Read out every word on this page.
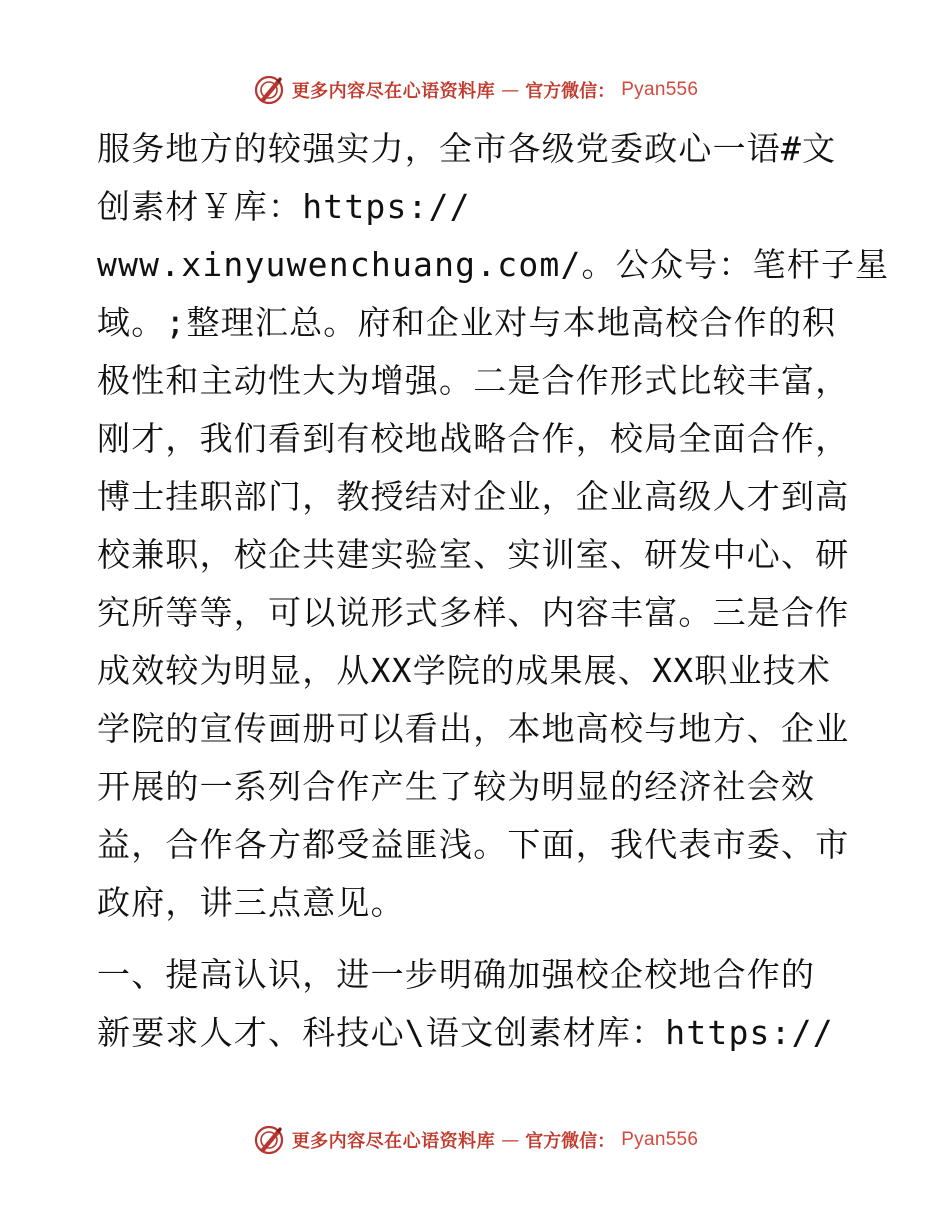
更多内容尽在心语资料库 — 官方微信： Pyan556
服务地方的较强实力，全市各级党委政心一语#文
创素材￥库：https://
www.xinyuwenchuang.com/。公众号：笔杆子星
域。;整理汇总。府和企业对与本地高校合作的积
极性和主动性大为增强。二是合作形式比较丰富，
刚才，我们看到有校地战略合作，校局全面合作，
博士挂职部门，教授结对企业，企业高级人才到高
校兼职，校企共建实验室、实训室、研发中心、研
究所等等，可以说形式多样、内容丰富。三是合作
成效较为明显，从XX学院的成果展、XX职业技术
学院的宣传画册可以看出，本地高校与地方、企业
开展的一系列合作产生了较为明显的经济社会效
益，合作各方都受益匪浅。下面，我代表市委、市
政府，讲三点意见。
一、提高认识，进一步明确加强校企校地合作的
新要求人才、科技心\语文创素材库：https://
更多内容尽在心语资料库 — 官方微信： Pyan556
